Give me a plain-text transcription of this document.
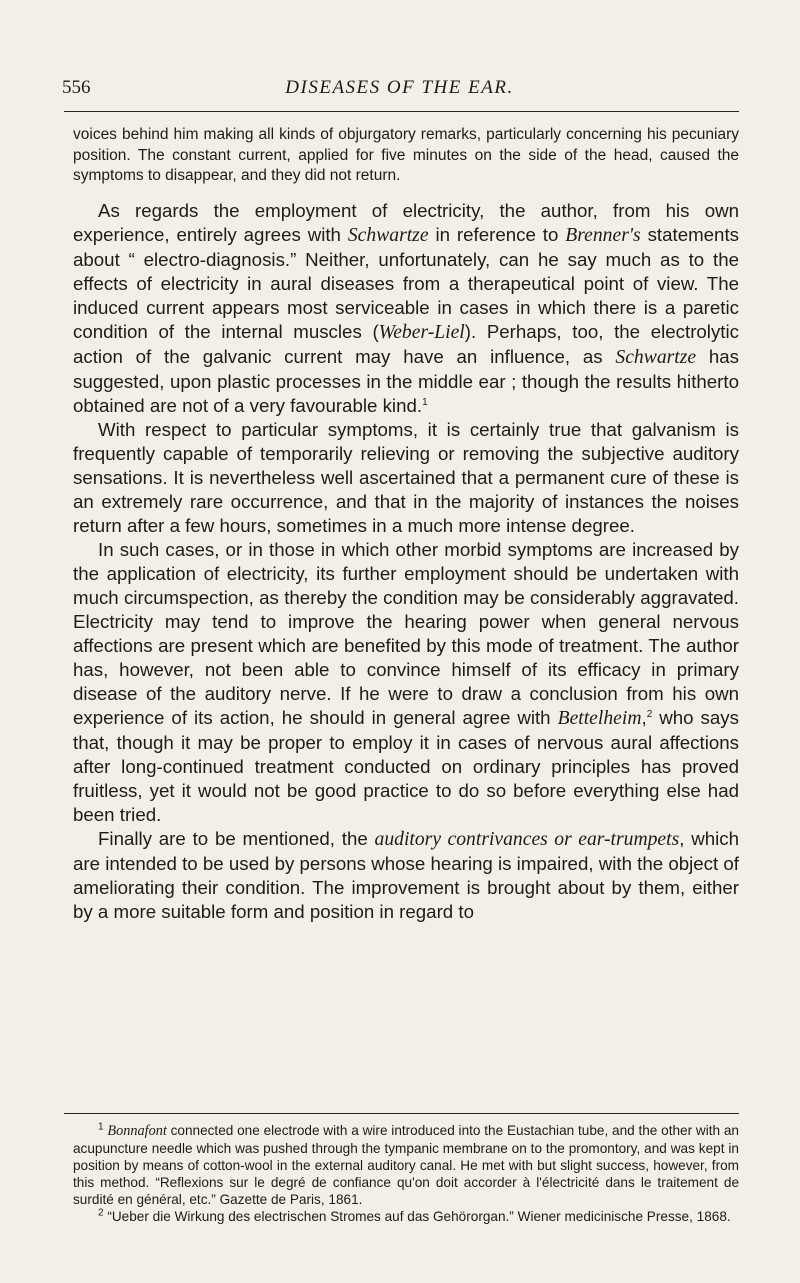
556	DISEASES OF THE EAR.

voices behind him making all kinds of objurgatory remarks, particularly concerning his pecuniary position. The constant current, applied for five minutes on the side of the head, caused the symptoms to disappear, and they did not return.

As regards the employment of electricity, the author, from his own experience, entirely agrees with Schwartze in reference to Brenner's statements about “ electro-diagnosis.” Neither, unfortunately, can he say much as to the effects of electricity in aural diseases from a therapeutical point of view. The induced current appears most serviceable in cases in which there is a paretic condition of the internal muscles (Weber-Liel). Perhaps, too, the electrolytic action of the galvanic current may have an influence, as Schwartze has suggested, upon plastic processes in the middle ear ; though the results hitherto obtained are not of a very favourable kind.$^1$

With respect to particular symptoms, it is certainly true that galvanism is frequently capable of temporarily relieving or removing the subjective auditory sensations. It is nevertheless well ascertained that a permanent cure of these is an extremely rare occurrence, and that in the majority of instances the noises return after a few hours, sometimes in a much more intense degree.

In such cases, or in those in which other morbid symptoms are increased by the application of electricity, its further employment should be undertaken with much circumspection, as thereby the condition may be considerably aggravated. Electricity may tend to improve the hearing power when general nervous affections are present which are benefited by this mode of treatment. The author has, however, not been able to convince himself of its efficacy in primary disease of the auditory nerve. If he were to draw a conclusion from his own experience of its action, he should in general agree with Bettelheim,$^2$ who says that, though it may be proper to employ it in cases of nervous aural affections after long-continued treatment conducted on ordinary principles has proved fruitless, yet it would not be good practice to do so before everything else had been tried.

Finally are to be mentioned, the auditory contrivances or ear-trumpets, which are intended to be used by persons whose hearing is impaired, with the object of ameliorating their condition. The improvement is brought about by them, either by a more suitable form and position in regard to

$^1$ Bonnafont connected one electrode with a wire introduced into the Eustachian tube, and the other with an acupuncture needle which was pushed through the tympanic membrane on to the promontory, and was kept in position by means of cotton-wool in the external auditory canal. He met with but slight success, however, from this method. “Reflexions sur le degré de confiance qu'on doit accorder à l'électricité dans le traitement de surdité en général, etc.” Gazette de Paris, 1861.

$^2$ “Ueber die Wirkung des electrischen Stromes auf das Gehörorgan.” Wiener medicinische Presse, 1868.
